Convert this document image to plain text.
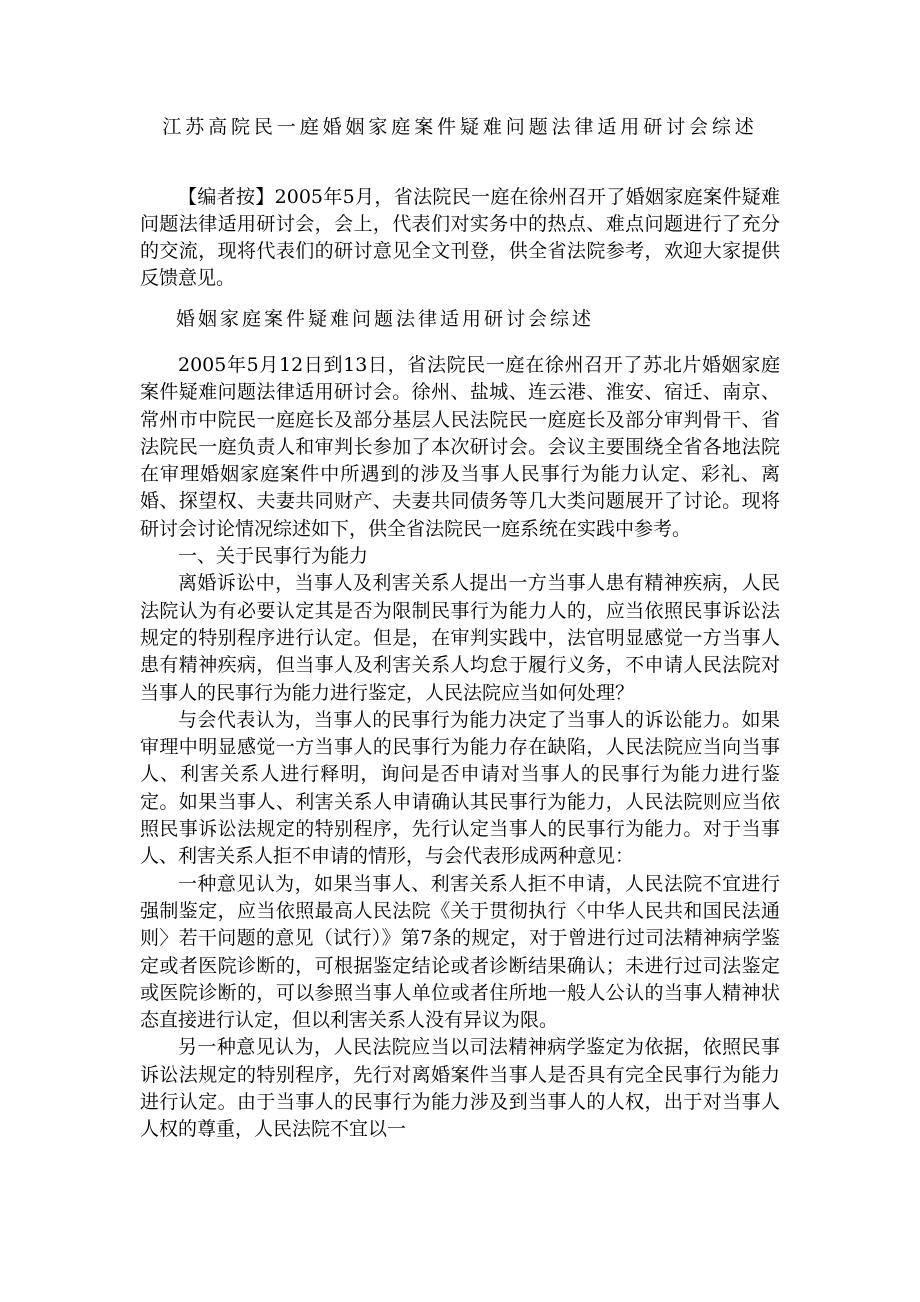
江苏高院民一庭婚姻家庭案件疑难问题法律适用研讨会综述
【编者按】2005年5月，省法院民一庭在徐州召开了婚姻家庭案件疑难问题法律适用研讨会，会上，代表们对实务中的热点、难点问题进行了充分的交流，现将代表们的研讨意见全文刊登，供全省法院参考，欢迎大家提供反馈意见。
婚姻家庭案件疑难问题法律适用研讨会综述

2005年5月12日到13日，省法院民一庭在徐州召开了苏北片婚姻家庭案件疑难问题法律适用研讨会。徐州、盐城、连云港、淮安、宿迁、南京、常州市中院民一庭庭长及部分基层人民法院民一庭庭长及部分审判骨干、省法院民一庭负责人和审判长参加了本次研讨会。会议主要围绕全省各地法院在审理婚姻家庭案件中所遇到的涉及当事人民事行为能力认定、彩礼、离婚、探望权、夫妻共同财产、夫妻共同债务等几大类问题展开了讨论。现将研讨会讨论情况综述如下，供全省法院民一庭系统在实践中参考。

一、关于民事行为能力

离婚诉讼中，当事人及利害关系人提出一方当事人患有精神疾病，人民法院认为有必要认定其是否为限制民事行为能力人的，应当依照民事诉讼法规定的特别程序进行认定。但是，在审判实践中，法官明显感觉一方当事人患有精神疾病，但当事人及利害关系人均怠于履行义务，不申请人民法院对当事人的民事行为能力进行鉴定，人民法院应当如何处理？

与会代表认为，当事人的民事行为能力决定了当事人的诉讼能力。如果审理中明显感觉一方当事人的民事行为能力存在缺陷，人民法院应当向当事人、利害关系人进行释明，询问是否申请对当事人的民事行为能力进行鉴定。如果当事人、利害关系人申请确认其民事行为能力，人民法院则应当依照民事诉讼法规定的特别程序，先行认定当事人的民事行为能力。对于当事人、利害关系人拒不申请的情形，与会代表形成两种意见：

一种意见认为，如果当事人、利害关系人拒不申请，人民法院不宜进行强制鉴定，应当依照最高人民法院《关于贯彻执行〈中华人民共和国民法通则〉若干问题的意见（试行）》第7条的规定，对于曾进行过司法精神病学鉴定或者医院诊断的，可根据鉴定结论或者诊断结果确认；未进行过司法鉴定或医院诊断的，可以参照当事人单位或者住所地一般人公认的当事人精神状态直接进行认定，但以利害关系人没有异议为限。

另一种意见认为，人民法院应当以司法精神病学鉴定为依据，依照民事诉讼法规定的特别程序，先行对离婚案件当事人是否具有完全民事行为能力进行认定。由于当事人的民事行为能力涉及到当事人的人权，出于对当事人人权的尊重，人民法院不宜以一
